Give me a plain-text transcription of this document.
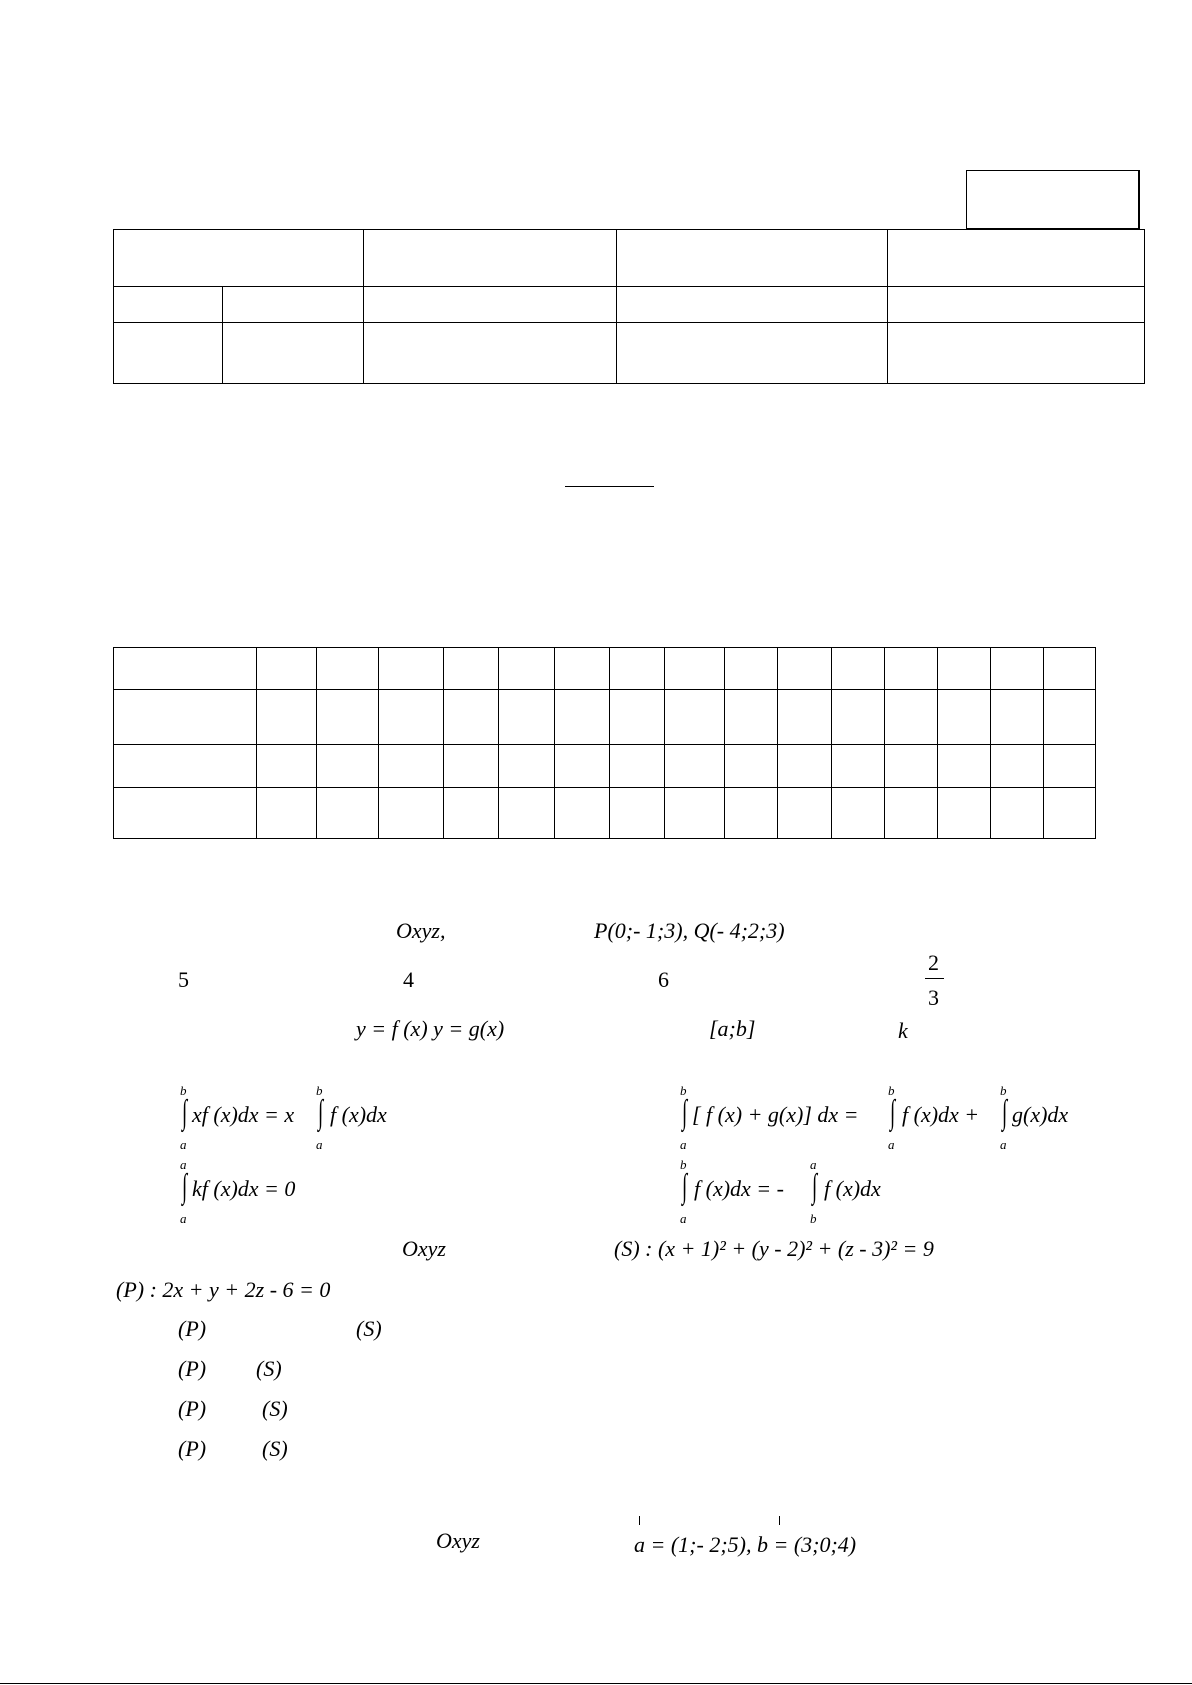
Oxyz,	P(0;- 1;3), Q(- 4;2;3)
5	4	6
2
3
y = f (x) y = g(x)	[a;b]	k
b
∫
a
xf (x)dx = x
b
∫
a
f (x)dx
b
∫
a
[ f (x) + g(x)] dx =
b
∫
a
f (x)dx +
b
∫
a
g(x)dx
a
∫
a
kf (x)dx = 0
b
∫
a
f (x)dx = -
a
∫
b
f (x)dx
Oxyz	(S) : (x + 1)² + (y - 2)² + (z - 3)² = 9
(P) : 2x + y + 2z - 6 = 0
(P)	(S)
(P) (S)
(P)	(S)
(P)	(S)
Oxyz	a = (1;- 2;5), b = (3;0;4)
